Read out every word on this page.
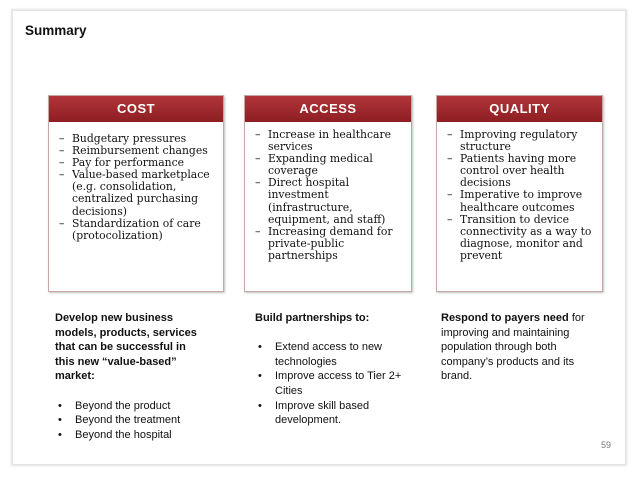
Summary
COST
– Budgetary pressures
– Reimbursement changes
– Pay for performance
– Value-based marketplace (e.g. consolidation, centralized purchasing decisions)
– Standardization of care (protocolization)
ACCESS
– Increase in healthcare services
– Expanding medical coverage
– Direct hospital investment (infrastructure, equipment, and staff)
– Increasing demand for private-public partnerships
QUALITY
– Improving regulatory structure
– Patients having more control over health decisions
– Imperative to improve healthcare outcomes
– Transition to device connectivity as a way to diagnose, monitor and prevent
Develop new business models, products, services that can be successful in this new “value-based” market:
• Beyond the product
• Beyond the treatment
• Beyond the hospital
Build partnerships to:
• Extend access to new technologies
• Improve access to Tier 2+ Cities
• Improve skill based development.
Respond to payers need for improving and maintaining population through both company’s products and its brand.
59
